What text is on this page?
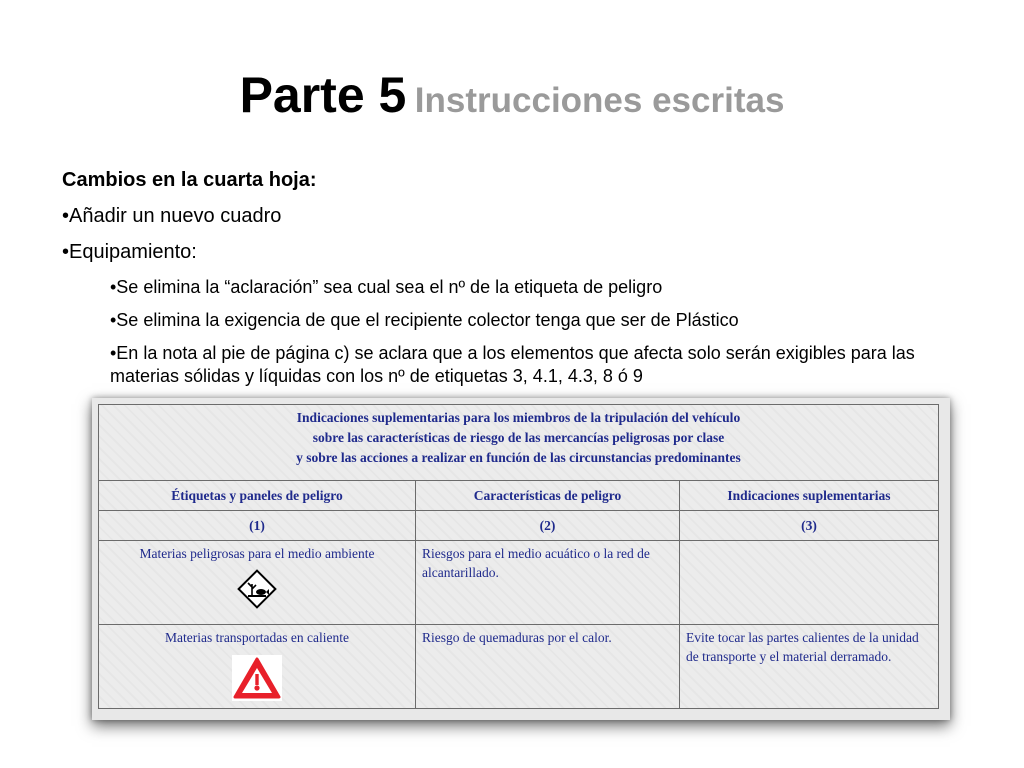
Parte 5 Instrucciones escritas
Cambios en la cuarta hoja:
•Añadir un nuevo cuadro
•Equipamiento:
•Se elimina la “aclaración” sea cual sea el nº de la etiqueta de peligro
•Se elimina la exigencia de que el recipiente colector tenga que ser de Plástico
•En la nota al pie de página c) se aclara que a los elementos que afecta solo serán exigibles para las materias sólidas y líquidas con los nº de etiquetas 3, 4.1, 4.3, 8 ó 9
Indicaciones suplementarias para los miembros de la tripulación del vehículo
sobre las características de riesgo de las mercancías peligrosas por clase
y sobre las acciones a realizar en función de las circunstancias predominantes		
Étiquetas y paneles de peligro	Características de peligro	Indicaciones suplementarias
(1)	(2)	(3)

Materias peligrosas para el medio ambiente	Riesgos para el medio acuático o la red de alcantarillado.	

Materias transportadas en caliente	Riesgo de quemaduras por el calor.	Evite tocar las partes calientes de la unidad de transporte y el material derramado.
